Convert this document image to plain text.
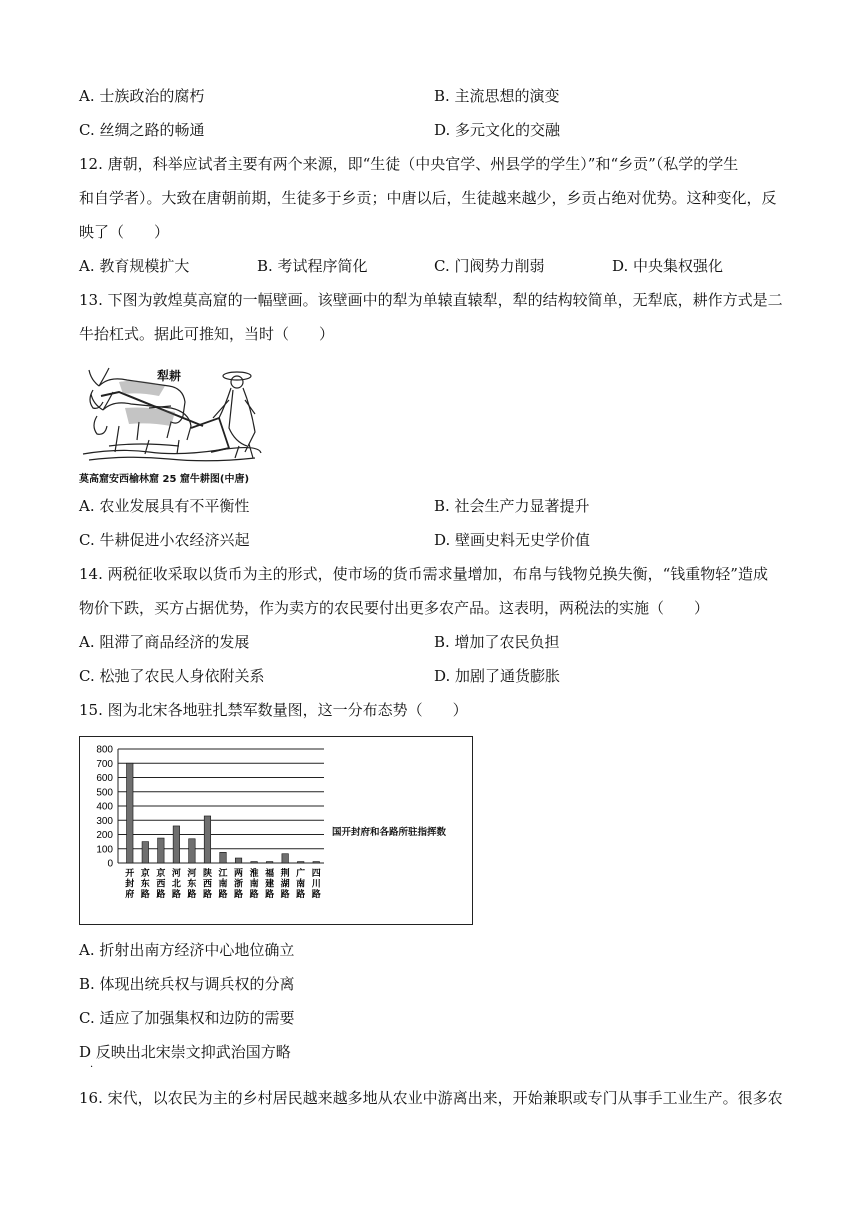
A. 士族政治的腐朽	B. 主流思想的演变
C. 丝绸之路的畅通	D. 多元文化的交融
12. 唐朝，科举应试者主要有两个来源，即“生徒（中央官学、州县学的学生）”和“乡贡”（私学的学生
和自学者）。大致在唐朝前期，生徒多于乡贡；中唐以后，生徒越来越少，乡贡占绝对优势。这种变化，反
映了（　　）
A. 教育规模扩大	B. 考试程序简化	C. 门阀势力削弱	D. 中央集权强化
13. 下图为敦煌莫高窟的一幅壁画。该壁画中的犁为单辕直辕犁，犁的结构较简单，无犁底，耕作方式是二
牛抬杠式。据此可推知，当时（　　）
犁耕
莫高窟安西榆林窟 25 窟牛耕图(中唐)
A. 农业发展具有不平衡性	B. 社会生产力显著提升
C. 牛耕促进小农经济兴起	D. 壁画史料无史学价值
14. 两税征收采取以货币为主的形式，使市场的货币需求量增加，布帛与钱物兑换失衡，“钱重物轻”造成
物价下跌，买方占据优势，作为卖方的农民要付出更多农产品。这表明，两税法的实施（　　）
A. 阻滞了商品经济的发展	B. 增加了农民负担
C. 松弛了农民人身依附关系	D. 加剧了通货膨胀
15. 图为北宋各地驻扎禁军数量图，这一分布态势（　　）
0
100
200
300
400
500
600
700
800
开封府
京东路
京西路
河北路
河东路
陕西路
江南路
两浙路
淮南路
福建路
荆湖路
广南路
四川路
国开封府和各路所驻指挥数
A. 折射出南方经济中心地位确立
B. 体现出统兵权与调兵权的分离
C. 适应了加强集权和边防的需要
D 反映出北宋崇文抑武治国方略
·
16. 宋代，以农民为主的乡村居民越来越多地从农业中游离出来，开始兼职或专门从事手工业生产。很多农
